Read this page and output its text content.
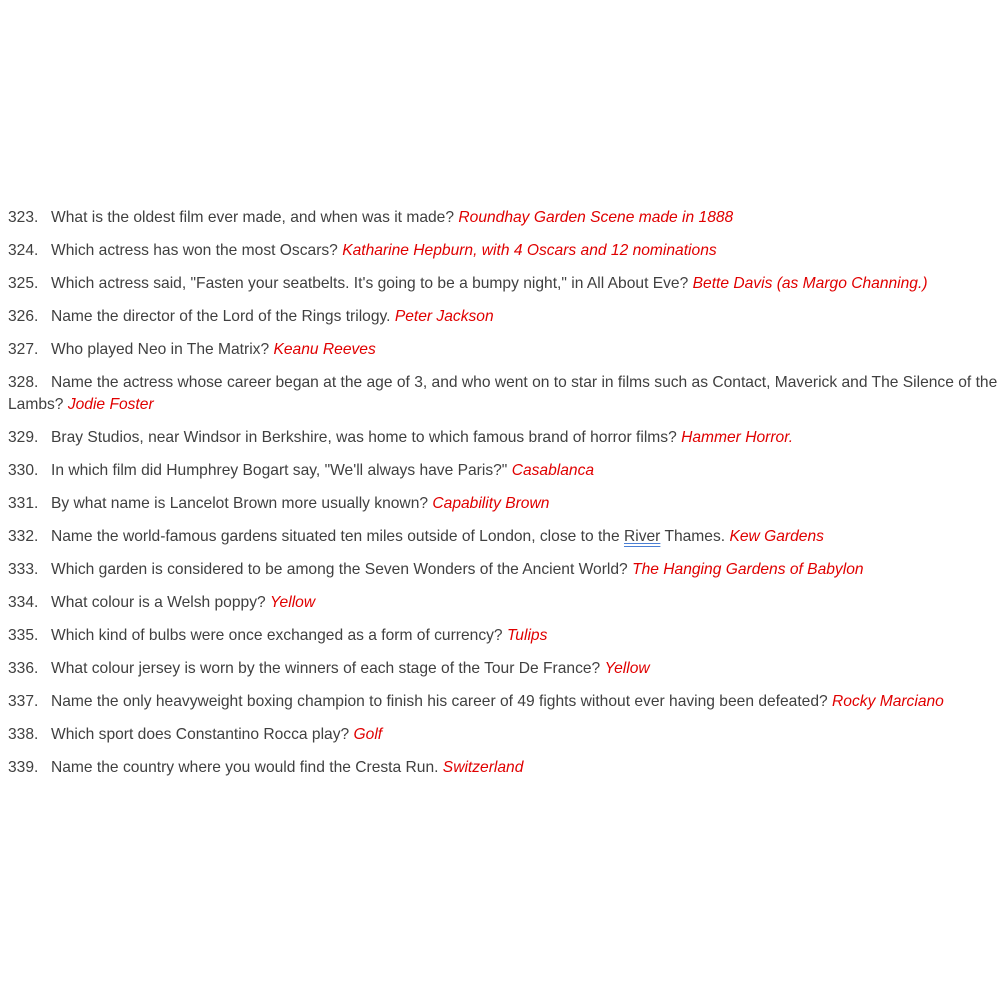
323. What is the oldest film ever made, and when was it made? Roundhay Garden Scene made in 1888
324. Which actress has won the most Oscars? Katharine Hepburn, with 4 Oscars and 12 nominations
325. Which actress said, "Fasten your seatbelts. It's going to be a bumpy night," in All About Eve? Bette Davis (as Margo Channing.)
326. Name the director of the Lord of the Rings trilogy. Peter Jackson
327. Who played Neo in The Matrix? Keanu Reeves
328. Name the actress whose career began at the age of 3, and who went on to star in films such as Contact, Maverick and The Silence of the Lambs? Jodie Foster
329. Bray Studios, near Windsor in Berkshire, was home to which famous brand of horror films? Hammer Horror.
330. In which film did Humphrey Bogart say, "We'll always have Paris?" Casablanca
331. By what name is Lancelot Brown more usually known? Capability Brown
332. Name the world-famous gardens situated ten miles outside of London, close to the River Thames. Kew Gardens
333. Which garden is considered to be among the Seven Wonders of the Ancient World? The Hanging Gardens of Babylon
334. What colour is a Welsh poppy? Yellow
335. Which kind of bulbs were once exchanged as a form of currency? Tulips
336. What colour jersey is worn by the winners of each stage of the Tour De France? Yellow
337. Name the only heavyweight boxing champion to finish his career of 49 fights without ever having been defeated? Rocky Marciano
338. Which sport does Constantino Rocca play? Golf
339. Name the country where you would find the Cresta Run. Switzerland
